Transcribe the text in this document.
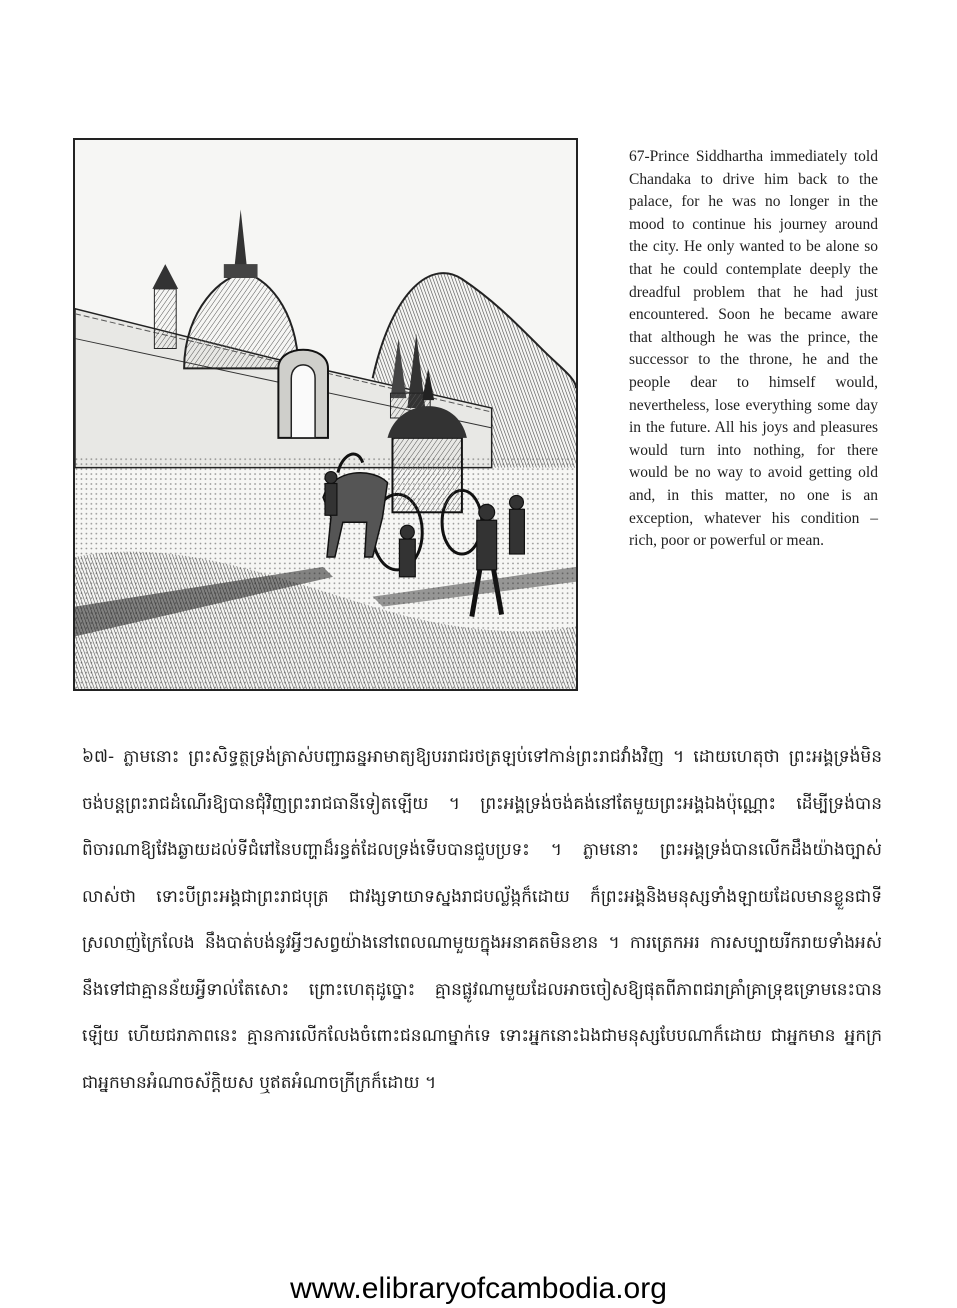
67-Prince Siddhartha immediately told Chandaka to drive him back to the palace, for he was no longer in the mood to continue his journey around the city. He only wanted to be alone so that he could contemplate deeply the dreadful problem that he had just encountered. Soon he became aware that although he was the prince, the successor to the throne, he and the people dear to himself would, nevertheless, lose everything some day in the future. All his joys and pleasures would turn into nothing, for there would be no way to avoid getting old and, in this matter, no one is an exception, whatever his condition – rich, poor or powerful or mean.
៦៧- ភ្លាមនោះ ព្រះសិទ្ធត្ថទ្រង់ត្រាស់បញ្ជាឆន្នអាមាត្យឱ្យបររាជរថត្រឡប់ទៅកាន់ព្រះរាជវាំងវិញ ។ ដោយហេតុថា ព្រះអង្គទ្រង់មិនចង់បន្តព្រះរាជដំណើរឱ្យបានជុំវិញព្រះរាជធានីទៀតឡើយ ។ ព្រះអង្គទ្រង់ចង់គង់នៅតែមួយព្រះអង្គឯងប៉ុណ្ណោះ ដើម្បីទ្រង់បានពិចារណាឱ្យវែងឆ្ងាយដល់ទីជំរៅនៃបញ្ហាដ៏រន្ធត់ដែលទ្រង់ទើបបានជួបប្រទះ ។ ភ្លាមនោះ ព្រះអង្គទ្រង់បានលើកដឹងយ៉ាងច្បាស់លាស់ថា ទោះបីព្រះអង្គជាព្រះរាជបុត្រ ជាវង្សទាយាទស្នងរាជបល្ល័ង្កក៏ដោយ ក៏ព្រះអង្គនិងមនុស្សទាំងឡាយដែលមានខ្លួនជាទីស្រលាញ់ក្រៃលែង នឹងបាត់បង់នូវអ្វីៗសព្វយ៉ាងនៅពេលណាមួយក្នុងអនាគតមិនខាន ។ ការត្រេកអរ ការសប្បាយរីករាយទាំងអស់នឹងទៅជាគ្មានន័យអ្វីទាល់តែសោះ ព្រោះហេតុដូច្នោះ គ្មានផ្លូវណាមួយដែលអាចចៀសឱ្យផុតពីភាពជរាគ្រាំគ្រាទ្រុឌទ្រោមនេះបានឡើយ ហើយជរាភាពនេះ គ្មានការលើកលែងចំពោះជនណាម្នាក់ទេ ទោះអ្នកនោះឯងជាមនុស្សបែបណាក៏ដោយ ជាអ្នកមាន អ្នកក្រ ជាអ្នកមានអំណាចស័ក្តិយស ឬឥតអំណាចក្រីក្រក៏ដោយ ។
www.elibraryofcambodia.org
